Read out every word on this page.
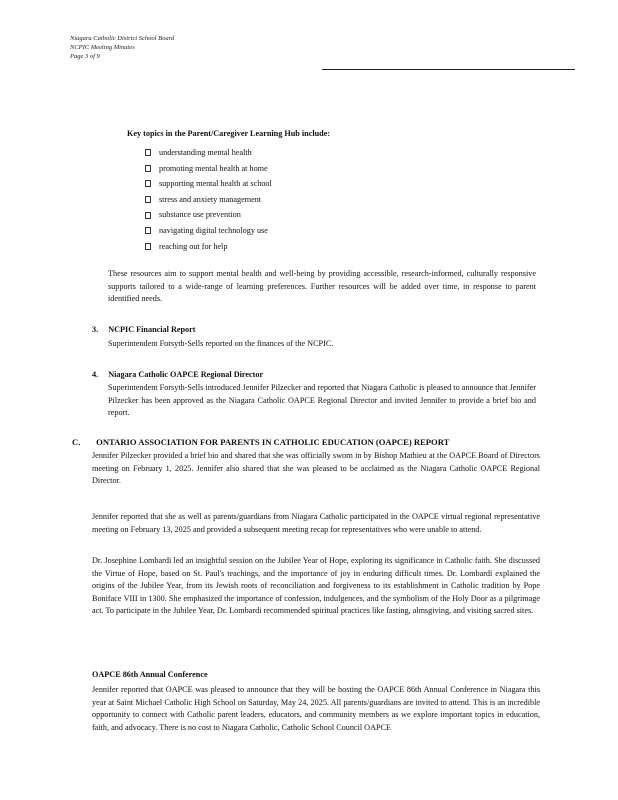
Niagara Catholic District School Board
NCPIC Meeting Minutes
Page 3 of 9
Key topics in the Parent/Caregiver Learning Hub include:
understanding mental health
promoting mental health at home
supporting mental health at school
stress and anxiety management
substance use prevention
navigating digital technology use
reaching out for help
These resources aim to support mental health and well-being by providing accessible, research-informed, culturally responsive supports tailored to a wide-range of learning preferences. Further resources will be added over time, in response to parent identified needs.
3. NCPIC Financial Report
Superintendent Forsyth-Sells reported on the finances of the NCPIC.
4. Niagara Catholic OAPCE Regional Director
Superintendent Forsyth-Sells introduced Jennifer Pilzecker and reported that Niagara Catholic is pleased to announce that Jennifer Pilzecker has been approved as the Niagara Catholic OAPCE Regional Director and invited Jennifer to provide a brief bio and report.
C. ONTARIO ASSOCIATION FOR PARENTS IN CATHOLIC EDUCATION (OAPCE) REPORT
Jennifer Pilzecker provided a brief bio and shared that she was officially sworn in by Bishop Mathieu at the OAPCE Board of Directors meeting on February 1, 2025. Jennifer also shared that she was pleased to be acclaimed as the Niagara Catholic OAPCE Regional Director.
Jennifer reported that she as well as parents/guardians from Niagara Catholic participated in the OAPCE virtual regional representative meeting on February 13, 2025 and provided a subsequent meeting recap for representatives who were unable to attend.
Dr. Josephine Lombardi led an insightful session on the Jubilee Year of Hope, exploring its significance in Catholic faith. She discussed the Virtue of Hope, based on St. Paul's teachings, and the importance of joy in enduring difficult times. Dr. Lombardi explained the origins of the Jubilee Year, from its Jewish roots of reconciliation and forgiveness to its establishment in Catholic tradition by Pope Boniface VIII in 1300. She emphasized the importance of confession, indulgences, and the symbolism of the Holy Door as a pilgrimage act. To participate in the Jubilee Year, Dr. Lombardi recommended spiritual practices like fasting, almsgiving, and visiting sacred sites.
OAPCE 86th Annual Conference
Jennifer reported that OAPCE was pleased to announce that they will be hosting the OAPCE 86th Annual Conference in Niagara this year at Saint Michael Catholic High School on Saturday, May 24, 2025. All parents/guardians are invited to attend. This is an incredible opportunity to connect with Catholic parent leaders, educators, and community members as we explore important topics in education, faith, and advocacy. There is no cost to Niagara Catholic, Catholic School Council OAPCE
